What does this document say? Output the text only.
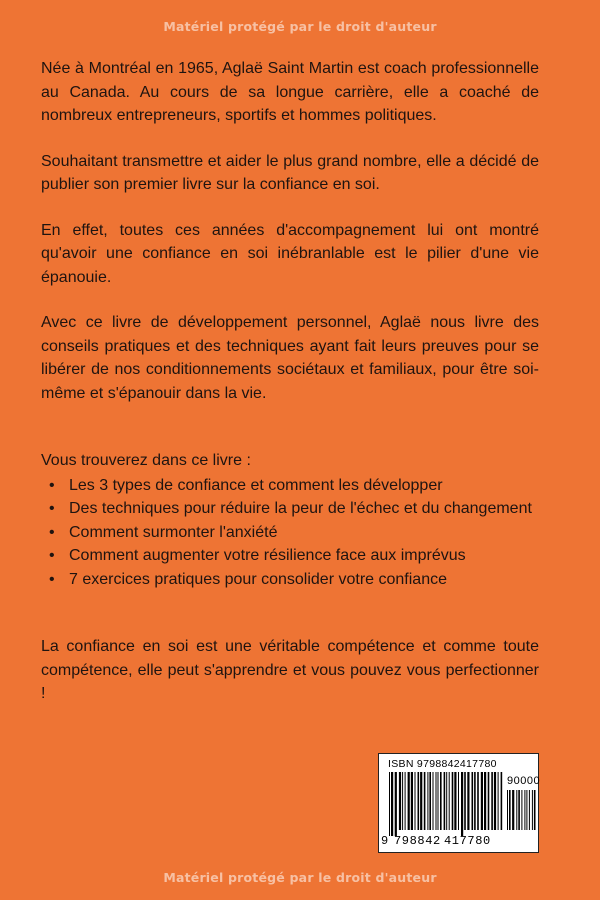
Matériel protégé par le droit d'auteur

Née à Montréal en 1965, Aglaë Saint Martin est coach professionnelle au Canada. Au cours de sa longue carrière, elle a coaché de nombreux entrepreneurs, sportifs et hommes politiques.

Souhaitant transmettre et aider le plus grand nombre, elle a décidé de publier son premier livre sur la confiance en soi.

En effet, toutes ces années d'accompagnement lui ont montré qu'avoir une confiance en soi inébranlable est le pilier d'une vie épanouie.

Avec ce livre de développement personnel, Aglaë nous livre des conseils pratiques et des techniques ayant fait leurs preuves pour se libérer de nos conditionnements sociétaux et familiaux, pour être soi-même et s'épanouir dans la vie.

Vous trouverez dans ce livre :

• Les 3 types de confiance et comment les développer
• Des techniques pour réduire la peur de l'échec et du changement
• Comment surmonter l'anxiété
• Comment augmenter votre résilience face aux imprévus
• 7 exercices pratiques pour consolider votre confiance

La confiance en soi est une véritable compétence et comme toute compétence, elle peut s'apprendre et vous pouvez vous perfectionner !

ISBN 9798842417780
90000
9 798842 417780
Matériel protégé par le droit d'auteur
